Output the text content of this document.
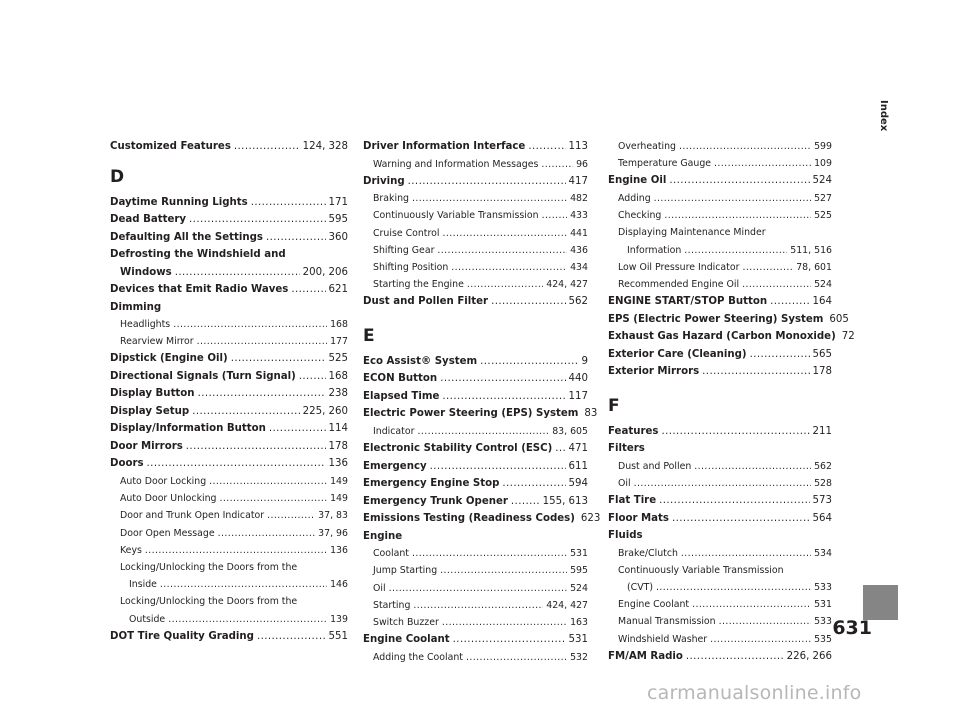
Customized Features .....	124, 328
D
Daytime Running Lights .....	171
Dead Battery .....	595
Defaulting All the Settings .....	360
Defrosting the Windshield and
Windows .....	200, 206
Devices that Emit Radio Waves .....	621
Dimming
Headlights .....	168
Rearview Mirror .....	177
Dipstick (Engine Oil) .....	525
Directional Signals (Turn Signal) .....	168
Display Button .....	238
Display Setup .....	225, 260
Display/Information Button .....	114
Door Mirrors .....	178
Doors .....	136
Auto Door Locking .....	149
Auto Door Unlocking .....	149
Door and Trunk Open Indicator .....	37, 83
Door Open Message .....	37, 96
Keys .....	136
Locking/Unlocking the Doors from the
Inside .....	146
Locking/Unlocking the Doors from the
Outside .....	139
DOT Tire Quality Grading .....	551
Driver Information Interface .....	113
Warning and Information Messages .....	96
Driving .....	417
Braking .....	482
Continuously Variable Transmission .....	433
Cruise Control .....	441
Shifting Gear .....	436
Shifting Position .....	434
Starting the Engine .....	424, 427
Dust and Pollen Filter .....	562
E
Eco Assist® System .....	9
ECON Button .....	440
Elapsed Time .....	117
Electric Power Steering (EPS) System 83
Indicator .....	83, 605
Electronic Stability Control (ESC) ..... 471
Emergency .....	611
Emergency Engine Stop .....	594
Emergency Trunk Opener .....	155, 613
Emissions Testing (Readiness Codes) 623
Engine
Coolant .....	531
Jump Starting .....	595
Oil .....	524
Starting .....	424, 427
Switch Buzzer .....	163
Engine Coolant .....	531
Adding the Coolant .....	532
Overheating .....	599
Temperature Gauge .....	109
Engine Oil .....	524
Adding .....	527
Checking .....	525
Displaying Maintenance Minder
Information .....	511, 516
Low Oil Pressure Indicator .....	78, 601
Recommended Engine Oil .....	524
ENGINE START/STOP Button .....	164
EPS (Electric Power Steering) System 605
Exhaust Gas Hazard (Carbon Monoxide) 72
Exterior Care (Cleaning) .....	565
Exterior Mirrors .....	178
F
Features .....	211
Filters
Dust and Pollen .....	562
Oil .....	528
Flat Tire .....	573
Floor Mats .....	564
Fluids
Brake/Clutch .....	534
Continuously Variable Transmission
(CVT) .....	533
Engine Coolant .....	531
Manual Transmission .....	533
Windshield Washer .....	535
FM/AM Radio .....	226, 266
Index
631
carmanualsonline.info
